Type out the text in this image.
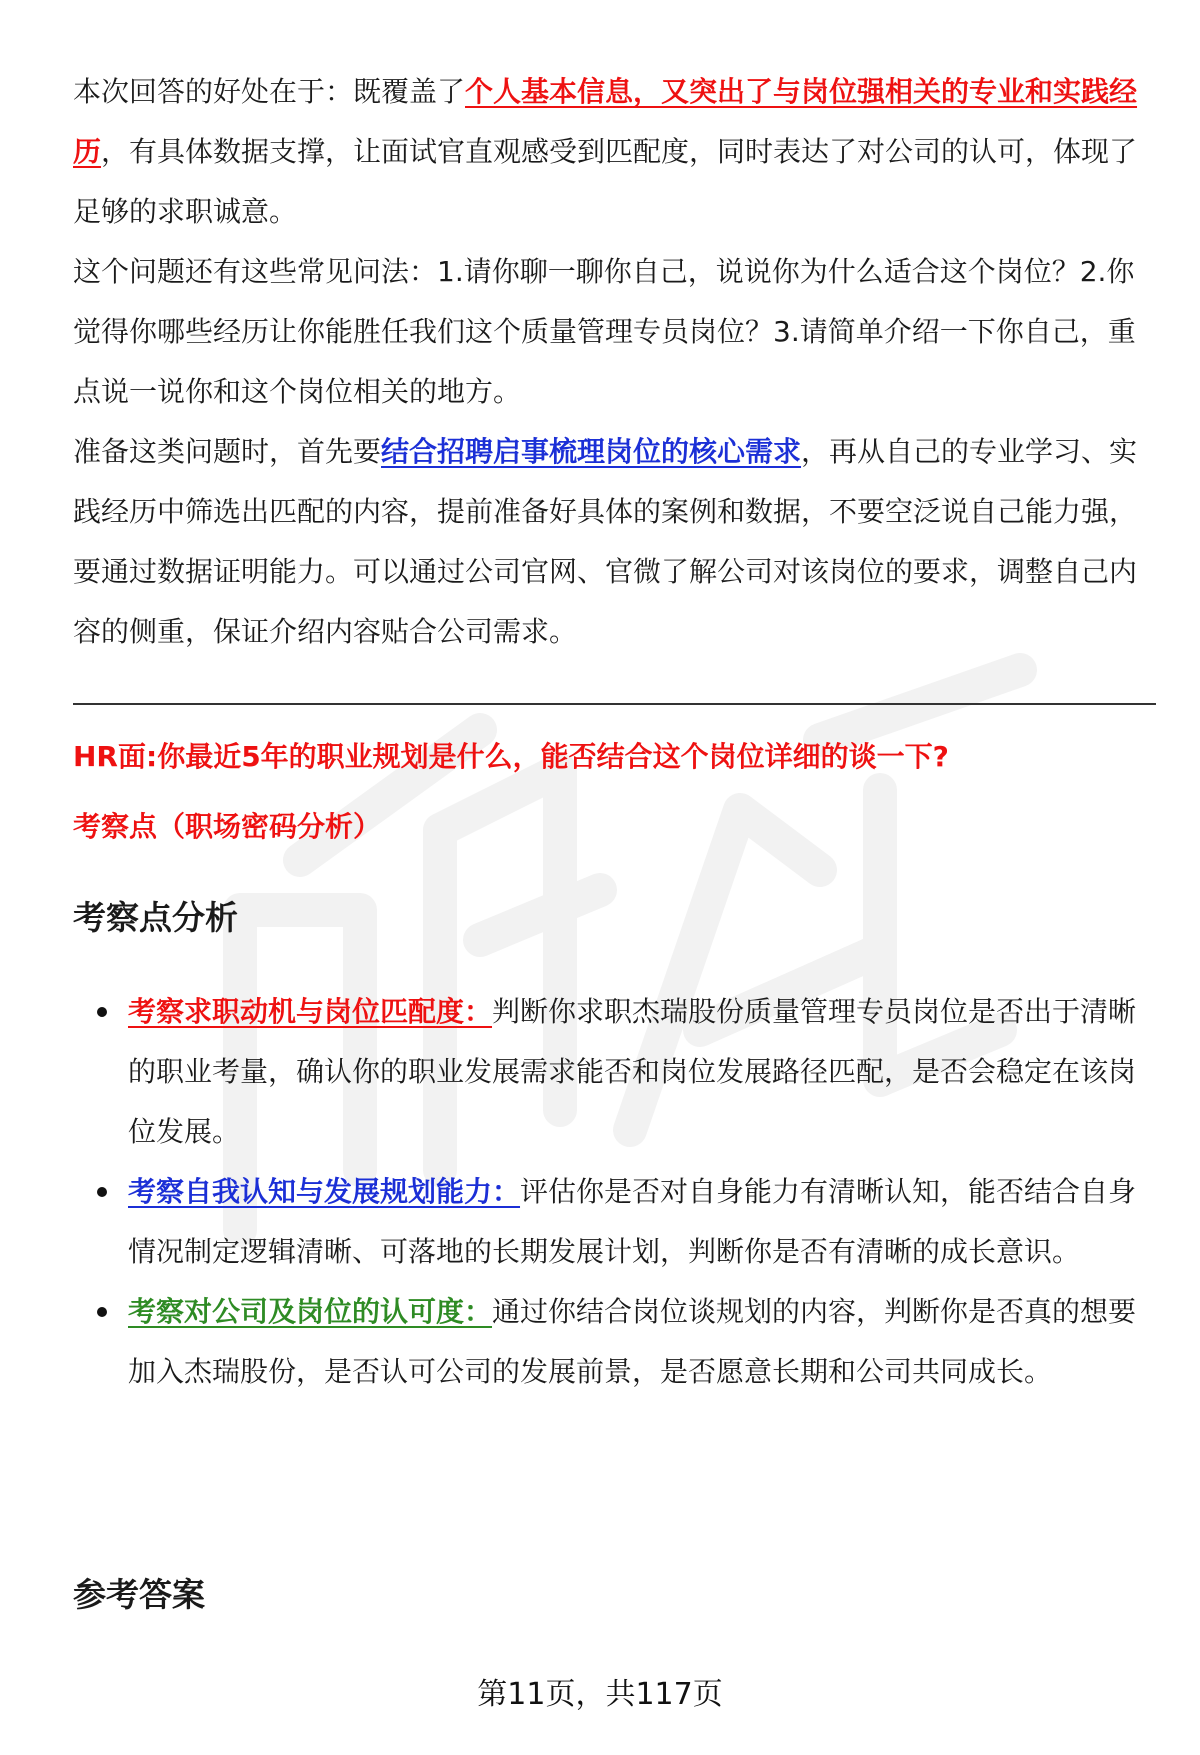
本次回答的好处在于：既覆盖了个人基本信息，又突出了与岗位强相关的专业和实践经历，有具体数据支撑，让面试官直观感受到匹配度，同时表达了对公司的认可，体现了足够的求职诚意。

这个问题还有这些常见问法：1.请你聊一聊你自己，说说你为什么适合这个岗位？2.你觉得你哪些经历让你能胜任我们这个质量管理专员岗位？3.请简单介绍一下你自己，重点说一说你和这个岗位相关的地方。

准备这类问题时，首先要结合招聘启事梳理岗位的核心需求，再从自己的专业学习、实践经历中筛选出匹配的内容，提前准备好具体的案例和数据，不要空泛说自己能力强，要通过数据证明能力。可以通过公司官网、官微了解公司对该岗位的要求，调整自己内容的侧重，保证介绍内容贴合公司需求。

HR面:你最近5年的职业规划是什么，能否结合这个岗位详细的谈一下?

考察点（职场密码分析）

考察点分析
考察求职动机与岗位匹配度：判断你求职杰瑞股份质量管理专员岗位是否出于清晰的职业考量，确认你的职业发展需求能否和岗位发展路径匹配，是否会稳定在该岗位发展。
考察自我认知与发展规划能力：评估你是否对自身能力有清晰认知，能否结合自身情况制定逻辑清晰、可落地的长期发展计划，判断你是否有清晰的成长意识。
考察对公司及岗位的认可度：通过你结合岗位谈规划的内容，判断你是否真的想要加入杰瑞股份，是否认可公司的发展前景，是否愿意长期和公司共同成长。
参考答案
第11页，共117页
